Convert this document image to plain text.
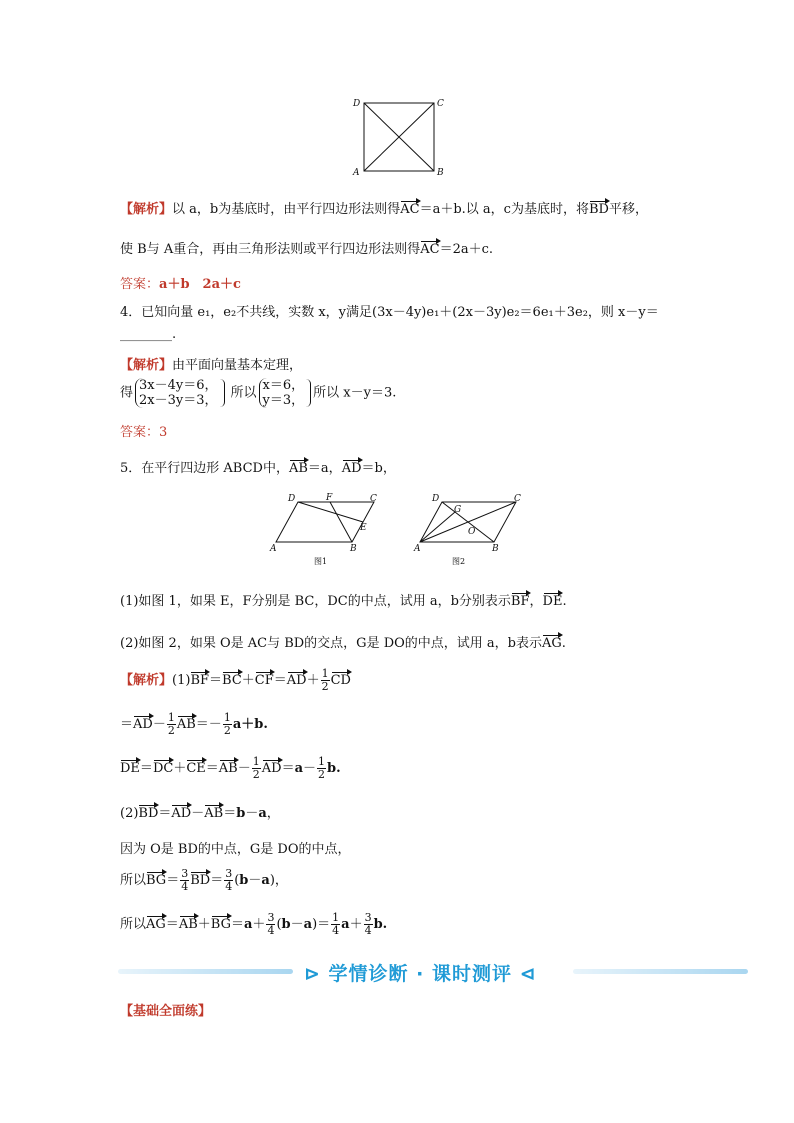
D	C
A	B
【解析】以 a，b为基底时，由平行四边形法则得AC＝a＋b.以 a，c为基底时，将BD平移，
使 B与 A重合，再由三角形法则或平行四边形法则得AC＝2a＋c.
答案：a＋b　2a＋c
4．已知向量 e₁，e₂不共线，实数 x，y满足(3x－4y)e₁＋(2x－3y)e₂＝6e₁＋3e₂，则 x－y＝
________.
【解析】由平面向量基本定理，
得 3x－4y＝6，
2x－3y＝3， 所以 x＝6，
y＝3， 所以 x－y＝3.
答案：3
5．在平行四边形 ABCD中，AB＝a，AD＝b，
D	F	C
E
A	B
图1
D	C
G
O
A	B
图2
(1)如图 1，如果 E，F分别是 BC，DC的中点，试用 a，b分别表示BF，DE.
(2)如图 2，如果 O是 AC与 BD的交点，G是 DO的中点，试用 a，b表示AG.
【解析】$(1)BF=BC+CF=AD+ \frac{1}{2}$ CD
$=AD- \frac{1}{2} AB=- \frac{1}{2} a+b$.
$DE=DC+CE=AB- \frac{1}{2} AD=a- \frac{1}{2} b$.
(2)BD＝AD－AB＝b－a，
因为 O是 BD的中点，G是 DO的中点，
所以$BG= \frac{3}{4} BD= \frac{3}{4} (b-a)$，
所以$AG=AB+BG=a+ \frac{3}{4} (b-a)= \frac{1}{4} a+ \frac{3}{4} b$.
⊳ 学情诊断 · 课时测评 ⊲
【基础全面练】
